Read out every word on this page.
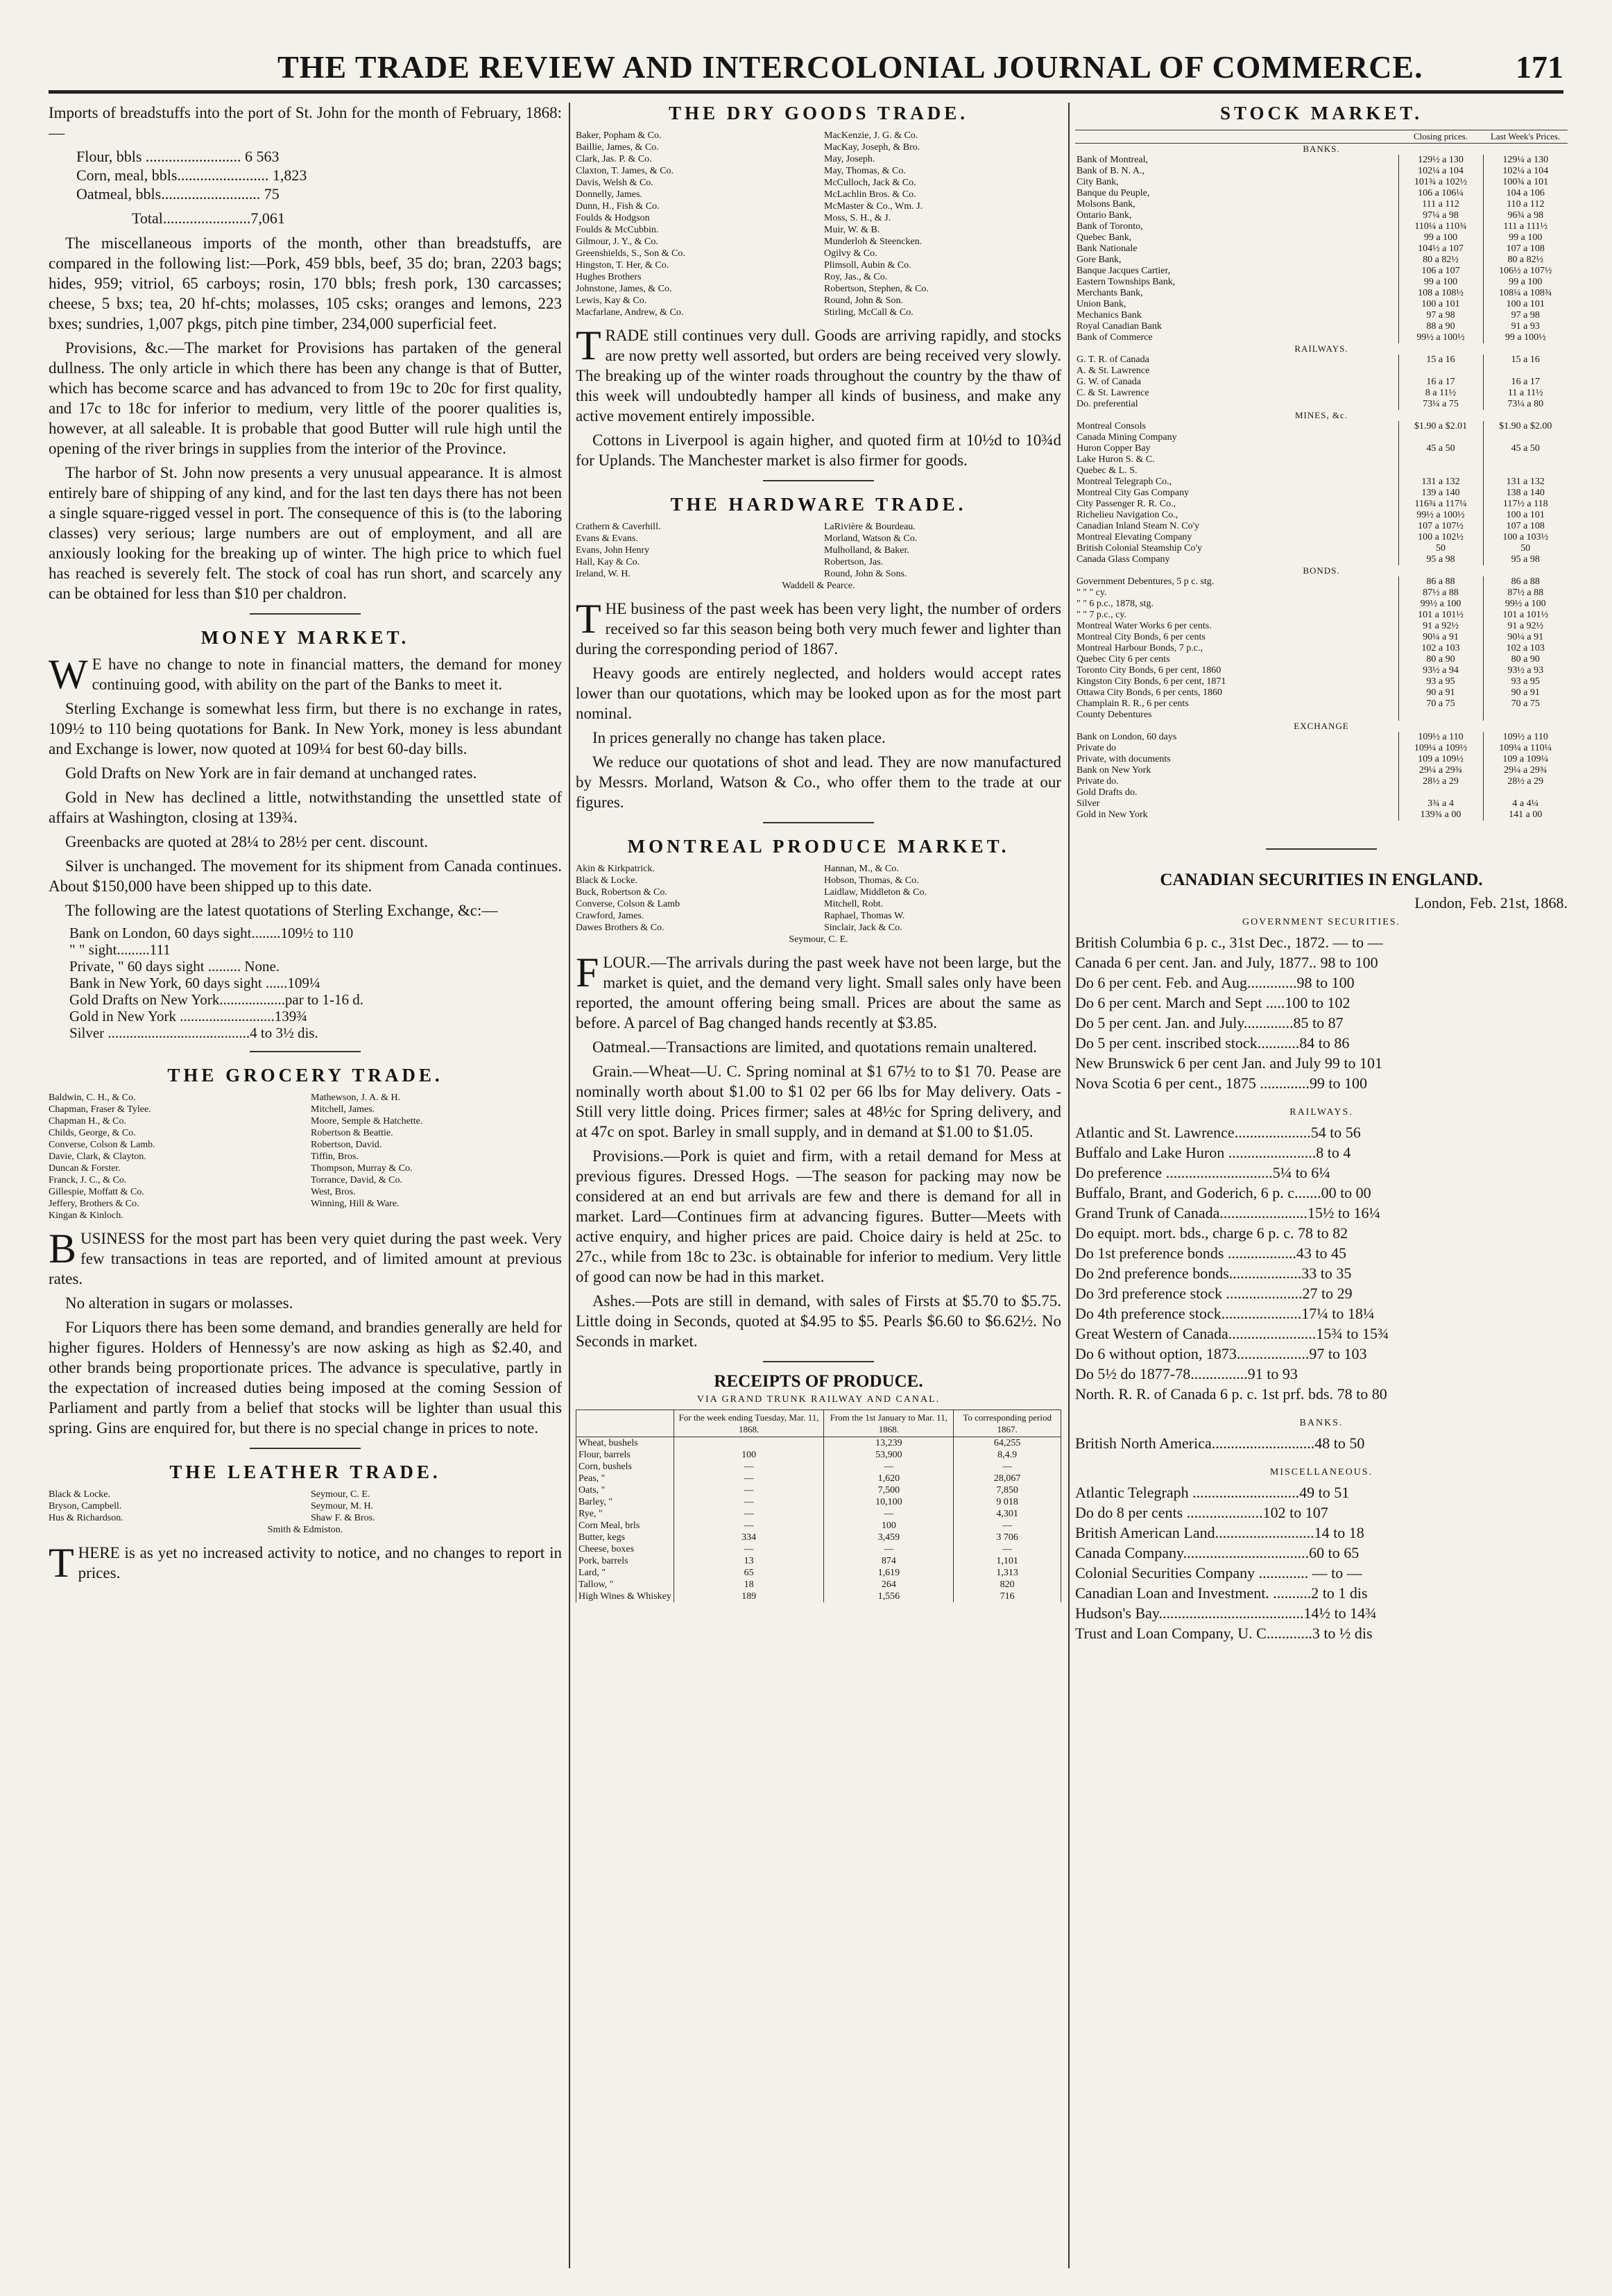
THE TRADE REVIEW AND INTERCOLONIAL JOURNAL OF COMMERCE.	171

Imports of breadstuffs into the port of St. John for the month of February, 1868:—

Flour, bbls ......................... 6 563
Corn, meal, bbls........................ 1,823
Oatmeal, bbls.......................... 75
Total.......................7,061

The miscellaneous imports of the month, other than breadstuffs, are compared in the following list:—Pork, 459 bbls, beef, 35 do; bran, 2203 bags; hides, 959; vitriol, 65 carboys; rosin, 170 bbls; fresh pork, 130 carcasses; cheese, 5 bxs; tea, 20 hf-chts; molasses, 105 csks; oranges and lemons, 223 bxes; sundries, 1,007 pkgs, pitch pine timber, 234,000 superficial feet.

Provisions, &c.—The market for Provisions has partaken of the general dullness. The only article in which there has been any change is that of Butter, which has become scarce and has advanced to from 19c to 20c for first quality, and 17c to 18c for inferior to medium, very little of the poorer qualities is, however, at all saleable. It is probable that good Butter will rule high until the opening of the river brings in supplies from the interior of the Province.

The harbor of St. John now presents a very unusual appearance. It is almost entirely bare of shipping of any kind, and for the last ten days there has not been a single square-rigged vessel in port. The consequence of this is (to the laboring classes) very serious; large numbers are out of employment, and all are anxiously looking for the breaking up of winter. The high price to which fuel has reached is severely felt. The stock of coal has run short, and scarcely any can be obtained for less than $10 per chaldron.

MONEY MARKET.

W E have no change to note in financial matters, the demand for money continuing good, with ability on the part of the Banks to meet it.

Sterling Exchange is somewhat less firm, but there is no exchange in rates, 109½ to 110 being quotations for Bank. In New York, money is less abundant and Exchange is lower, now quoted at 109¼ for best 60-day bills.

Gold Drafts on New York are in fair demand at unchanged rates.

Gold in New has declined a little, notwithstanding the unsettled state of affairs at Washington, closing at 139¾.

Greenbacks are quoted at 28¼ to 28½ per cent. discount.

Silver is unchanged. The movement for its shipment from Canada continues. About $150,000 have been shipped up to this date.

The following are the latest quotations of Sterling Exchange, &c:—

Bank on London, 60 days sight........109½ to 110
" " sight.........111
Private, " 60 days sight ......... None.
Bank in New York, 60 days sight ......109¼
Gold Drafts on New York..................par to 1-16 d.
Gold in New York ..........................139¾
Silver .......................................4 to 3½ dis.
THE GROCERY TRADE.
Baldwin, C. H., & Co.	Mathewson, J. A. & H.
Chapman, Fraser & Tylee.	Mitchell, James.
Chapman H., & Co.	Moore, Semple & Hatchette.
Childs, George, & Co.	Robertson & Beattie.
Converse, Colson & Lamb.	Robertson, David.
Davie, Clark, & Clayton.	Tiffin, Bros.
Duncan & Forster.	Thompson, Murray & Co.
Franck, J. C., & Co.	Torrance, David, & Co.
Gillespie, Moffatt & Co.	West, Bros.
Jeffery, Brothers & Co.	Winning, Hill & Ware.
Kingan & Kinloch.

BUSINESS for the most part has been very quiet during the past week. Very few transactions in teas are reported, and of limited amount at previous rates.

No alteration in sugars or molasses.

For Liquors there has been some demand, and brandies generally are held for higher figures. Holders of Hennessy's are now asking as high as $2.40, and other brands being proportionate prices. The advance is speculative, partly in the expectation of increased duties being imposed at the coming Session of Parliament and partly from a belief that stocks will be lighter than usual this spring. Gins are enquired for, but there is no special change in prices to note.

THE LEATHER TRADE.
Black & Locke.	Seymour, C. E.
Bryson, Campbell.	Seymour, M. H.
Hus & Richardson.	Shaw F. & Bros.
Smith & Edmiston.

THERE is as yet no increased activity to notice, and no changes to report in prices.

THE DRY GOODS TRADE.
Baker, Popham & Co.	MacKenzie, J. G. & Co.
Baillie, James, & Co.	MacKay, Joseph, & Bro.
Clark, Jas. P. & Co.	May, Joseph.
Claxton, T. James, & Co.	May, Thomas, & Co.
Davis, Welsh & Co.	McCulloch, Jack & Co.
Donnelly, James.	McLachlin Bros. & Co.
Dunn, H., Fish & Co.	McMaster & Co., Wm. J.
Foulds & Hodgson	Moss, S. H., & J.
Foulds & McCubbin.	Muir, W. & B.
Gilmour, J. Y., & Co.	Munderloh & Steencken.
Greenshields, S., Son & Co.	Ogilvy & Co.
Hingston, T. Her, & Co.	Plimsoll, Aubin & Co.
Hughes Brothers	Roy, Jas., & Co.
Johnstone, James, & Co.	Robertson, Stephen, & Co.
Lewis, Kay & Co.	Round, John & Son.
Macfarlane, Andrew, & Co.	Stirling, McCall & Co.

TRADE still continues very dull. Goods are arriving rapidly, and stocks are now pretty well assorted, but orders are being received very slowly. The breaking up of the winter roads throughout the country by the thaw of this week will undoubtedly hamper all kinds of business, and make any active movement entirely impossible.

Cottons in Liverpool is again higher, and quoted firm at 10½d to 10¾d for Uplands. The Manchester market is also firmer for goods.

THE HARDWARE TRADE.
Crathern & Caverhill.	LaRivière & Bourdeau.
Evans & Evans.	Morland, Watson & Co.
Evans, John Henry	Mulholland, & Baker.
Hall, Kay & Co.	Robertson, Jas.
Ireland, W. H.	Round, John & Sons.
Waddell & Pearce.

THE business of the past week has been very light, the number of orders received so far this season being both very much fewer and lighter than during the corresponding period of 1867.

Heavy goods are entirely neglected, and holders would accept rates lower than our quotations, which may be looked upon as for the most part nominal.

In prices generally no change has taken place.

We reduce our quotations of shot and lead. They are now manufactured by Messrs. Morland, Watson & Co., who offer them to the trade at our figures.

MONTREAL PRODUCE MARKET.
Akin & Kirkpatrick.	Hannan, M., & Co.
Black & Locke.	Hobson, Thomas, & Co.
Buck, Robertson & Co.	Laidlaw, Middleton & Co.
Converse, Colson & Lamb	Mitchell, Robt.
Crawford, James.	Raphael, Thomas W.
Dawes Brothers & Co.	Sinclair, Jack & Co.
Seymour, C. E.

FLOUR.—The arrivals during the past week have not been large, but the market is quiet, and the demand very light. Small sales only have been reported, the amount offering being small. Prices are about the same as before. A parcel of Bag changed hands recently at $3.85.

Oatmeal.—Transactions are limited, and quotations remain unaltered.

Grain.—Wheat—U. C. Spring nominal at $1 67½ to to $1 70. Pease are nominally worth about $1.00 to $1 02 per 66 lbs for May delivery. Oats - Still very little doing. Prices firmer; sales at 48½c for Spring delivery, and at 47c on spot. Barley in small supply, and in demand at $1.00 to $1.05.

Provisions.—Pork is quiet and firm, with a retail demand for Mess at previous figures. Dressed Hogs. —The season for packing may now be considered at an end but arrivals are few and there is demand for all in market. Lard—Continues firm at advancing figures. Butter—Meets with active enquiry, and higher prices are paid. Choice dairy is held at 25c. to 27c., while from 18c to 23c. is obtainable for inferior to medium. Very little of good can now be had in this market.

Ashes.—Pots are still in demand, with sales of Firsts at $5.70 to $5.75. Little doing in Seconds, quoted at $4.95 to $5. Pearls $6.60 to $6.62½. No Seconds in market.

RECEIPTS OF PRODUCE.
VIA GRAND TRUNK RAILWAY AND CANAL.
	For the week ending Tuesday, Mar. 11, 1868.	From the 1st January to Mar. 11, 1868.	To corresponding period 1867.
Wheat, bushels		13,239	64,255
Flour, barrels	100	53,900	8,4.9
Corn, bushels	—	—	—
Peas, "	—	1,620	28,067
Oats, "	—	7,500	7,850
Barley, "	—	10,100	9 018
Rye, "	—	—	4,301
Corn Meal, brls	—	100	—
Butter, kegs	334	3,459	3 706
Cheese, boxes	—	—	—
Pork, barrels	13	874	1,101
Lard, "	65	1,619	1,313
Tallow, "	18	264	820
High Wines & Whiskey	189	1,556	716
STOCK MARKET.
	Closing prices.	Last Week's Prices.
BANKS.		
Bank of Montreal,	129½ a 130	129¼ a 130
Bank of B. N. A.,	102¼ a 104	102¼ a 104
City Bank,	101¾ a 102½	100¾ a 101
Banque du Peuple,	106 a 106¼	104 a 106
Molsons Bank,	111 a 112	110 a 112
Ontario Bank,	97¼ a 98	96¾ a 98
Bank of Toronto,	110¼ a 110¾	111 a 111½
Quebec Bank,	99 a 100	99 a 100
Bank Nationale	104½ a 107	107 a 108
Gore Bank,	80 a 82½	80 a 82½
Banque Jacques Cartier,	106 a 107	106½ a 107½
Eastern Townships Bank,	99 a 100	99 a 100
Merchants Bank,	108 a 108½	108¼ a 108¾
Union Bank,	100 a 101	100 a 101
Mechanics Bank	97 a 98	97 a 98
Royal Canadian Bank	88 a 90	91 a 93
Bank of Commerce	99½ a 100½	99 a 100½
RAILWAYS.		
G. T. R. of Canada	15 a 16	15 a 16
A. & St. Lawrence		
G. W. of Canada	16 a 17	16 a 17
C. & St. Lawrence	8 a 11½	11 a 11½
Do. preferential	73¼ a 75	73¼ a 80
MINES, &c.		
Montreal Consols	$1.90 a $2.01	$1.90 a $2.00
Canada Mining Company		
Huron Copper Bay	45 a 50	45 a 50
Lake Huron S. & C.		
Quebec & L. S.		
Montreal Telegraph Co.,	131 a 132	131 a 132
Montreal City Gas Company	139 a 140	138 a 140
City Passenger R. R. Co.,	116¾ a 117¼	117½ a 118
Richelieu Navigation Co.,	99½ a 100½	100 a 101
Canadian Inland Steam N. Co'y	107 a 107½	107 a 108
Montreal Elevating Company	100 a 102½	100 a 103½
British Colonial Steamship Co'y	50	50
Canada Glass Company	95 a 98	95 a 98
BONDS.		
Government Debentures, 5 p c. stg.	86 a 88	86 a 88
" " " cy.	87½ a 88	87½ a 88
" " 6 p.c., 1878, stg.	99½ a 100	99½ a 100
" " 7 p.c., cy.	101 a 101½	101 a 101½
Montreal Water Works 6 per cents.	91 a 92½	91 a 92½
Montreal City Bonds, 6 per cents	90¼ a 91	90¼ a 91
Montreal Harbour Bonds, 7 p.c.,	102 a 103	102 a 103
Quebec City 6 per cents	80 a 90	80 a 90
Toronto City Bonds, 6 per cent, 1860	93½ a 94	93½ a 93
Kingston City Bonds, 6 per cent, 1871	93 a 95	93 a 95
Ottawa City Bonds, 6 per cents, 1860	90 a 91	90 a 91
Champlain R. R., 6 per cents	70 a 75	70 a 75
County Debentures		
EXCHANGE		
Bank on London, 60 days	109½ a 110	109½ a 110
Private do	109¼ a 109½	109¼ a 110¼
Private, with documents	109 a 109½	109 a 109¼
Bank on New York	29¼ a 29¾	29¼ a 29¾
Private do.	28½ a 29	28½ a 29
Gold Drafts do.		
Silver	3¾ a 4	4 a 4¼
Gold in New York	139¾ a 00	141 a 00
CANADIAN SECURITIES IN ENGLAND.

London, Feb. 21st, 1868.

GOVERNMENT SECURITIES.
British Columbia 6 p. c., 31st Dec., 1872. — to —
Canada 6 per cent. Jan. and July, 1877.. 98 to 100
Do 6 per cent. Feb. and Aug.............98 to 100
Do 6 per cent. March and Sept .....100 to 102
Do 5 per cent. Jan. and July.............85 to 87
Do 5 per cent. inscribed stock...........84 to 86
New Brunswick 6 per cent Jan. and July 99 to 101
Nova Scotia 6 per cent., 1875 .............99 to 100
RAILWAYS.
Atlantic and St. Lawrence....................54 to 56
Buffalo and Lake Huron .......................8 to 4
Do preference ............................5¼ to 6¼
Buffalo, Brant, and Goderich, 6 p. c.......00 to 00
Grand Trunk of Canada.......................15½ to 16¼
Do equipt. mort. bds., charge 6 p. c. 78 to 82
Do 1st preference bonds ..................43 to 45
Do 2nd preference bonds...................33 to 35
Do 3rd preference stock ....................27 to 29
Do 4th preference stock.....................17¼ to 18¼
Great Western of Canada.......................15¾ to 15¾
Do 6 without option, 1873...................97 to 103
Do 5½ do 1877-78...............91 to 93
North. R. R. of Canada 6 p. c. 1st prf. bds. 78 to 80
BANKS.
British North America...........................48 to 50
MISCELLANEOUS.
Atlantic Telegraph ............................49 to 51
Do do 8 per cents ....................102 to 107
British American Land..........................14 to 18
Canada Company.................................60 to 65
Colonial Securities Company ............. — to —
Canadian Loan and Investment. ..........2 to 1 dis
Hudson's Bay......................................14½ to 14¾
Trust and Loan Company, U. C............3 to ½ dis
